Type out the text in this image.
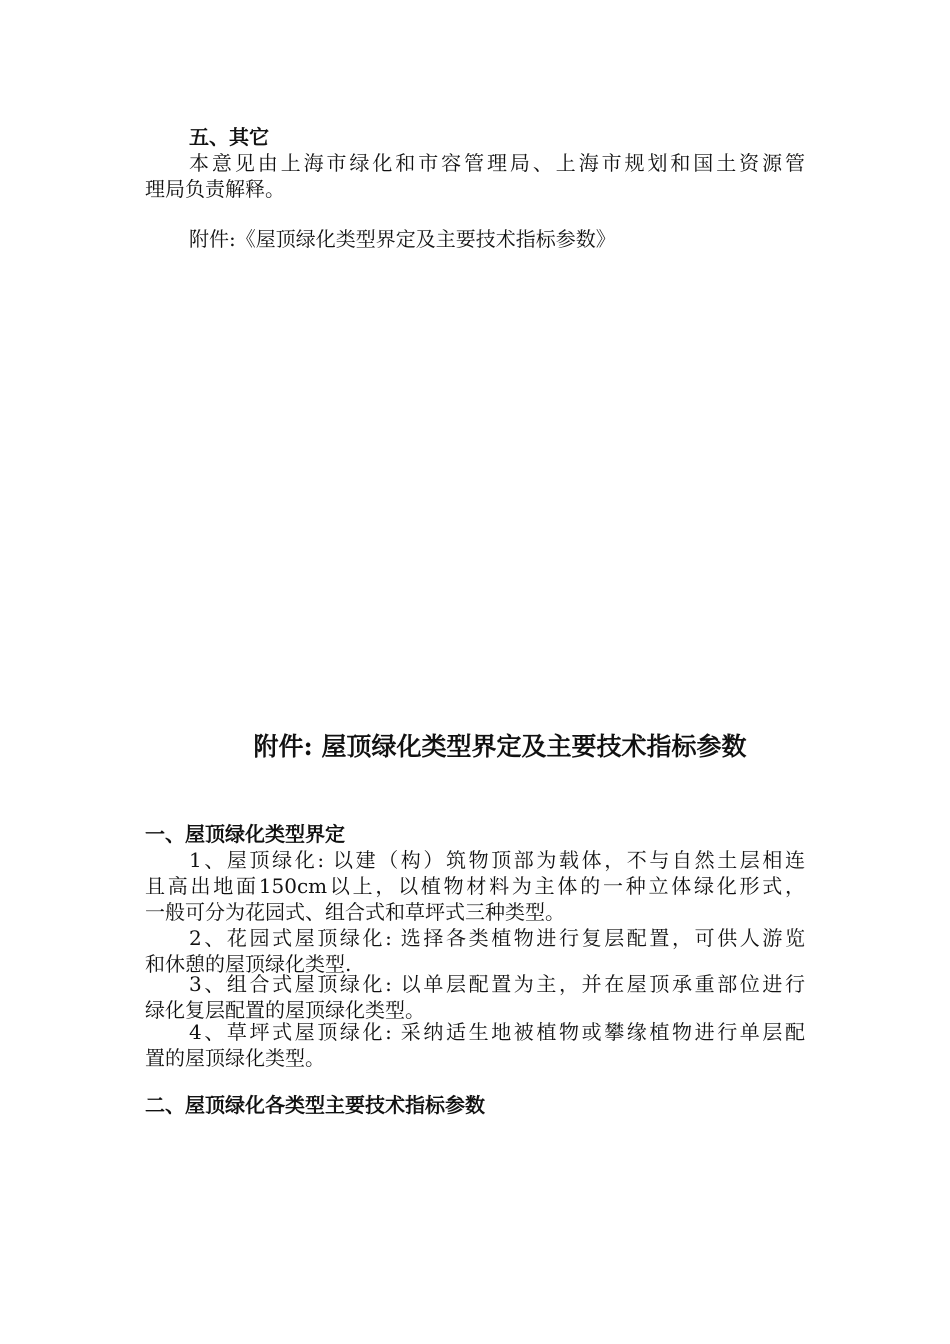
五、其它
本意见由上海市绿化和市容管理局、上海市规划和国土资源管
理局负责解释。
附件:《屋顶绿化类型界定及主要技术指标参数》
附件: 屋顶绿化类型界定及主要技术指标参数
一、屋顶绿化类型界定
1、屋顶绿化: 以建（构）筑物顶部为载体，不与自然土层相连
且高出地面150cm以上，以植物材料为主体的一种立体绿化形式，
一般可分为花园式、组合式和草坪式三种类型。
2、花园式屋顶绿化: 选择各类植物进行复层配置，可供人游览
和休憩的屋顶绿化类型.
3、组合式屋顶绿化: 以单层配置为主，并在屋顶承重部位进行
绿化复层配置的屋顶绿化类型。
4、草坪式屋顶绿化: 采纳适生地被植物或攀缘植物进行单层配
置的屋顶绿化类型。
二、屋顶绿化各类型主要技术指标参数
